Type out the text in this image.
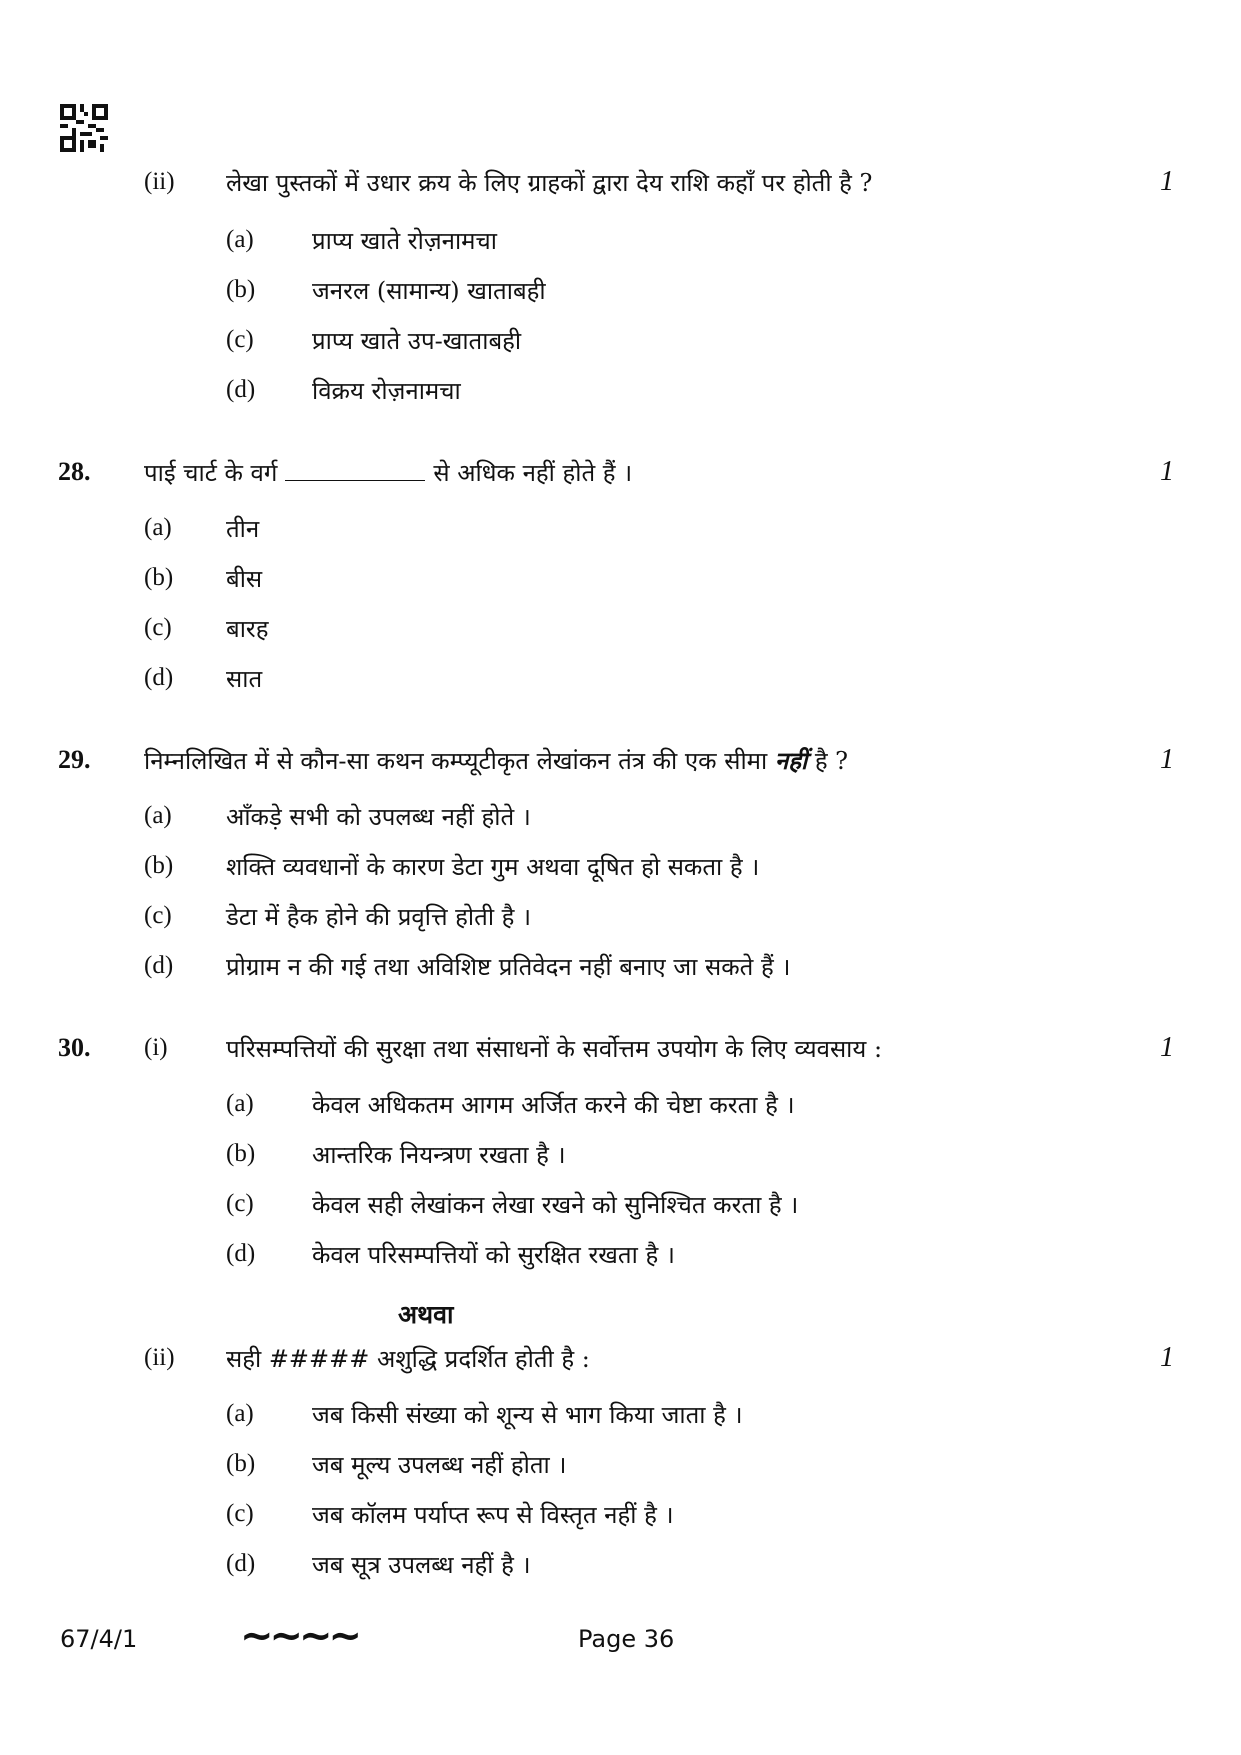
(ii) लेखा पुस्तकों में उधार क्रय के लिए ग्राहकों द्वारा देय राशि कहाँ पर होती है ?	1
(a) प्राप्य खाते रोज़नामचा
(b) जनरल (सामान्य) खाताबही
(c) प्राप्य खाते उप-खाताबही
(d) विक्रय रोज़नामचा
28. पाई चार्ट के वर्ग	से अधिक नहीं होते हैं ।	1
(a) तीन
(b) बीस
(c) बारह
(d) सात
29. निम्नलिखित में से कौन-सा कथन कम्प्यूटीकृत लेखांकन तंत्र की एक सीमा नहीं है ?	1
(a) आँकड़े सभी को उपलब्ध नहीं होते ।
(b) शक्ति व्यवधानों के कारण डेटा गुम अथवा दूषित हो सकता है ।
(c) डेटा में हैक होने की प्रवृत्ति होती है ।
(d) प्रोग्राम न की गई तथा अविशिष्ट प्रतिवेदन नहीं बनाए जा सकते हैं ।
30. (i) परिसम्पत्तियों की सुरक्षा तथा संसाधनों के सर्वोत्तम उपयोग के लिए व्यवसाय :	1
(a) केवल अधिकतम आगम अर्जित करने की चेष्टा करता है ।
(b) आन्तरिक नियन्त्रण रखता है ।
(c) केवल सही लेखांकन लेखा रखने को सुनिश्चित करता है ।
(d) केवल परिसम्पत्तियों को सुरक्षित रखता है ।
अथवा
(ii) सही ##### अशुद्धि प्रदर्शित होती है :	1
(a) जब किसी संख्या को शून्य से भाग किया जाता है ।
(b) जब मूल्य उपलब्ध नहीं होता ।
(c) जब कॉलम पर्याप्त रूप से विस्तृत नहीं है ।
(d) जब सूत्र उपलब्ध नहीं है ।
67/4/1	~~~~	Page 36
